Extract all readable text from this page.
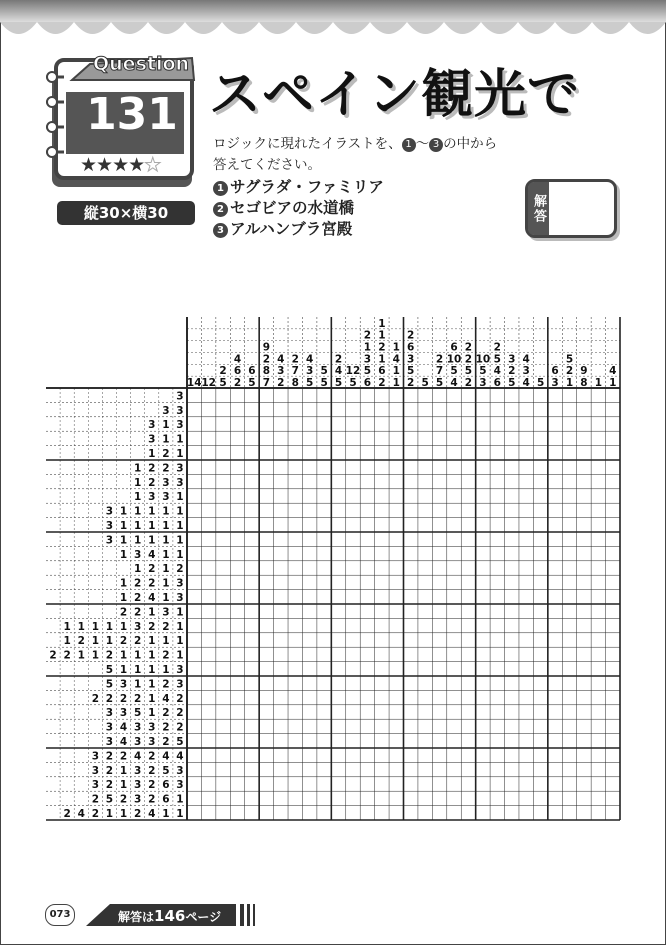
Question
131
★★★★★
縦30×横30
スペイン観光で
ロジックに現れたイラストを、 1 〜 3 の中から
答えてください。
1 サグラダ・ファミリア
2 セゴビアの水道橋
3 アルハンブラ宮殿
解答
14 12
2
5
4
6
2
6
5
9
2
8
7
4
3
2
2
7
8
4
3
5
5
5
2
4
5
12
5
2
1
3
5
6
1
1
2
1
6
2
1
4
1
1
2
6
3
5
2 5
2
7
5
6
10
5
4
2
2
5
2
10
5
3
2
5
4
6
3
2
5
4
3
4 5
6
3
5
2
1
9
8 1
4
1
3
3 3
3 1 3
3 1 1
1 2 1
1 2 2 3
1 2 3 3
1 3 3 1
3 1 1 1 1 1
3 1 1 1 1 1
3 1 1 1 1 1
1 3 4 1 1
1 2 1 2
1 2 2 1 3
1 2 4 1 3
2 2 1 3 1
1 1 1 1 1 3 2 2 1
1 2 1 1 2 2 1 1 1
2 2 1 1 2 1 1 1 2 1
5 1 1 1 1 3
5 3 1 1 2 3
2 2 2 2 1 4 2
3 3 5 1 2 2
3 4 3 3 2 2
3 4 3 3 2 5
3 2 2 4 2 4 4
3 2 1 3 2 5 3
3 2 1 3 2 6 3
2 5 2 3 2 6 1
2 4 2 1 1 2 4 1 1
073	解答は146ページ
